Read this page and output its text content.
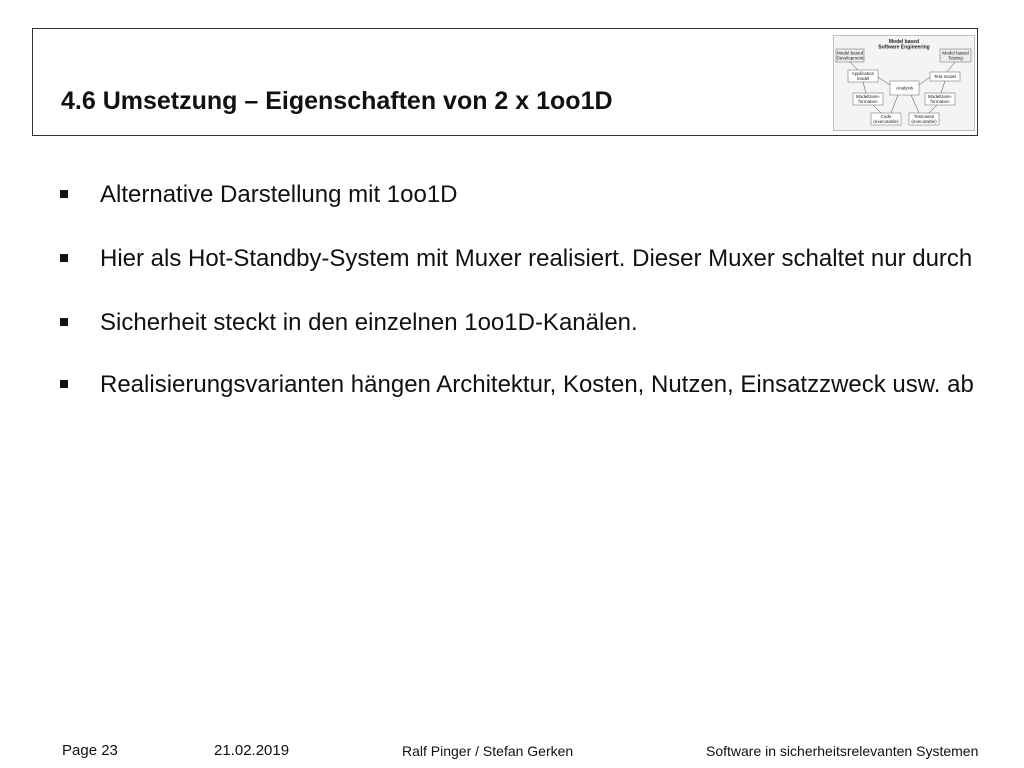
4.6 Umsetzung – Eigenschaften von 2 x 1oo1D
Model based
Software Engineering
Model based
Development
Model based
Testing
Application
model	Test model
Analysis
Modeltrans-
formation
Modeltrans-
formation
Code
(executable)
Testcases
(executable)
Alternative Darstellung mit 1oo1D
Hier als Hot-Standby-System mit Muxer realisiert. Dieser Muxer schaltet nur durch
Sicherheit steckt in den einzelnen 1oo1D-Kanälen.
Realisierungsvarianten hängen Architektur, Kosten, Nutzen, Einsatzzweck usw. ab
Page 23	21.02.2019	Ralf Pinger / Stefan Gerken	Software in sicherheitsrelevanten Systemen
